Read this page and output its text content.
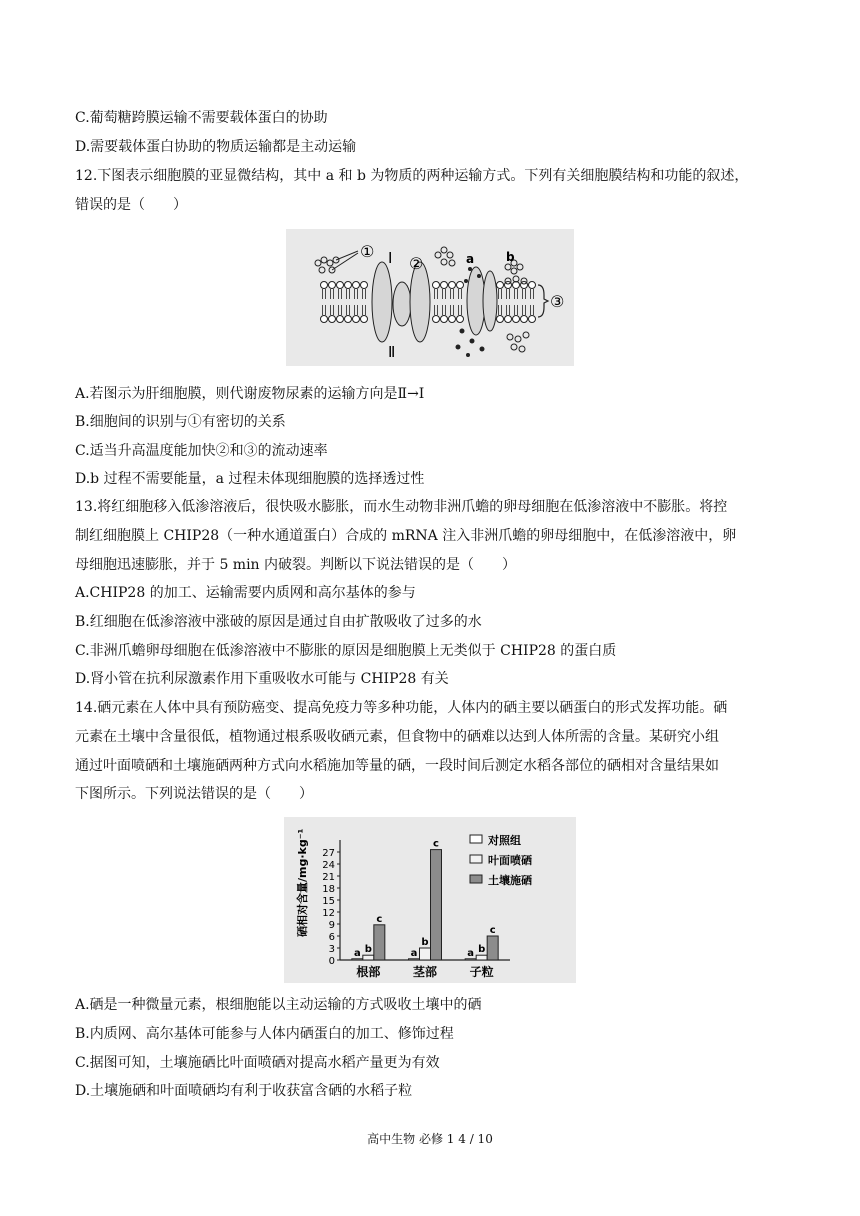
C.葡萄糖跨膜运输不需要载体蛋白的协助
D.需要载体蛋白协助的物质运输都是主动运输
12.下图表示细胞膜的亚显微结构，其中 a 和 b 为物质的两种运输方式。下列有关细胞膜结构和功能的叙述，
错误的是（　　）
① Ⅰ ②	a	b
③
Ⅱ
A.若图示为肝细胞膜，则代谢废物尿素的运输方向是Ⅱ→Ⅰ
B.细胞间的识别与①有密切的关系
C.适当升高温度能加快②和③的流动速率
D.b 过程不需要能量，a 过程未体现细胞膜的选择透过性
13.将红细胞移入低渗溶液后，很快吸水膨胀，而水生动物非洲爪蟾的卵母细胞在低渗溶液中不膨胀。将控
制红细胞膜上 CHIP28（一种水通道蛋白）合成的 mRNA 注入非洲爪蟾的卵母细胞中，在低渗溶液中，卵
母细胞迅速膨胀，并于 5 min 内破裂。判断以下说法错误的是（　　）
A.CHIP28 的加工、运输需要内质网和高尔基体的参与
B.红细胞在低渗溶液中涨破的原因是通过自由扩散吸收了过多的水
C.非洲爪蟾卵母细胞在低渗溶液中不膨胀的原因是细胞膜上无类似于 CHIP28 的蛋白质
D.肾小管在抗利尿激素作用下重吸收水可能与 CHIP28 有关
14.硒元素在人体中具有预防癌变、提高免疫力等多种功能，人体内的硒主要以硒蛋白的形式发挥功能。硒
元素在土壤中含量很低，植物通过根系吸收硒元素，但食物中的硒难以达到人体所需的含量。某研究小组
通过叶面喷硒和土壤施硒两种方式向水稻施加等量的硒，一段时间后测定水稻各部位的硒相对含量结果如
下图所示。下列说法错误的是（　　）
0
3
6
9
12
15
18
21
24
27
a b
c
a
b
c
a b
c
根部	茎部	子粒
对照组
叶面喷硒
土壤施硒
硒相对含量/mg·kg⁻¹
A.硒是一种微量元素，根细胞能以主动运输的方式吸收土壤中的硒
B.内质网、高尔基体可能参与人体内硒蛋白的加工、修饰过程
C.据图可知，土壤施硒比叶面喷硒对提高水稻产量更为有效
D.土壤施硒和叶面喷硒均有利于收获富含硒的水稻子粒
高中生物 必修 1 4 / 10
